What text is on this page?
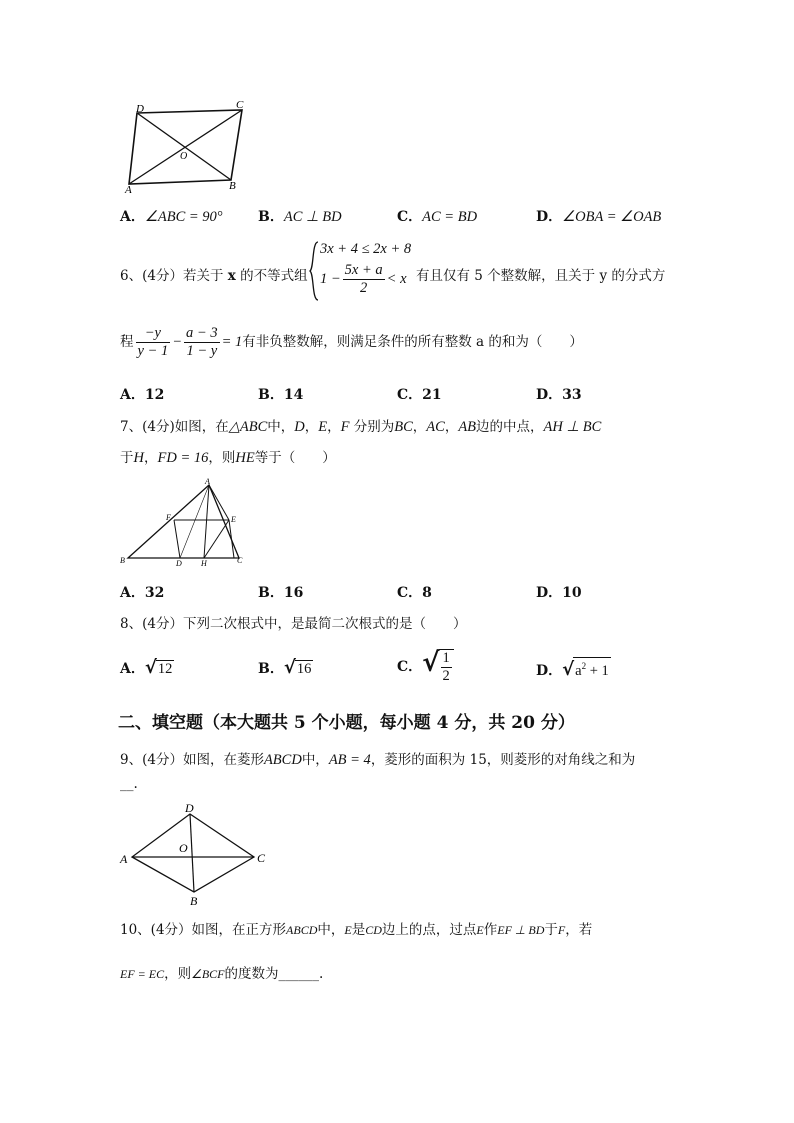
D	C
O
A	B
A．∠ABC = 90°	B．AC ⊥ BD	C．AC = BD	D．∠OBA = ∠OAB
6、(4分）若关于 x 的不等式组
3x + 4 ≤ 2x + 8
$1 - \frac{5x + a}{2} < x$ 有且仅有 5 个整数解，且关于 y 的分式方
程 $\frac{-y}{y - 1} - \frac{a - 3}{1 - y} = 1$有非负整数解，则满足条件的所有整数 a 的和为（　　）
A．12	B．14	C．21	D．33
7、(4分)如图，在△ABC中，D，E，F 分别为BC，AC，AB边的中点，AH ⊥ BC
于H，FD = 16，则HE等于（　　）
A
F	E
B	D H	C
A．32	B．16	C．8	D．10
8、(4分）下列二次根式中，是最简二次根式的是（　　）
A．√12	B．√16	C．√ $\frac{1}{2}$	D．$√a^2 + 1$
二、填空题（本大题共 5 个小题，每小题 4 分，共 20 分）
9、(4分）如图，在菱形ABCD中，AB = 4，菱形的面积为 15，则菱形的对角线之和为
__.
D
O
A	C
B
10、(4分）如图，在正方形ABCD中，E是CD边上的点，过点E作EF ⊥ BD于F，若
EF = EC，则∠BCF的度数为______.
